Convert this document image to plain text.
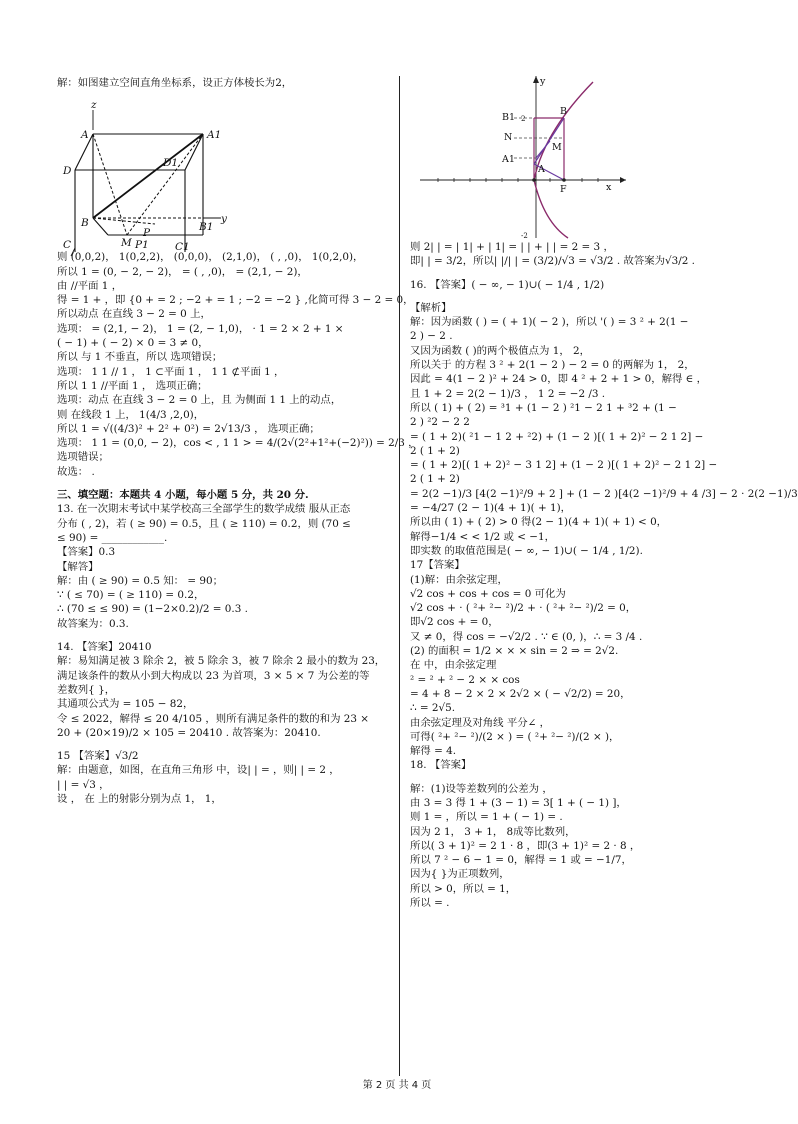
解：如图建立空间直角坐标系，设正方体棱长为2，
z
A	A1
D
D1
B	B1
y
C	M P1
P
C1
则 (0,0,2)， 1(0,2,2)， (0,0,0)， (2,1,0)， ( , ,0)， 1(0,2,0)，
所以 1 = (0, − 2, − 2)， = ( , ,0)， = (2,1, − 2)，
由 //平面 1 ，
得 = 1 + ，即 {0 + = 2 ; −2 + = 1 ; −2 = −2 } ,化简可得 3 − 2 = 0，
所以动点 在直线 3 − 2 = 0 上，
选项： = (2,1, − 2)， 1 = (2, − 1,0)， · 1 = 2 × 2 + 1 ×
( − 1) + ( − 2) × 0 = 3 ≠ 0，
所以 与 1 不垂直，所以 选项错误；
选项： 1 1 // 1 ， 1 ⊂平面 1 ， 1 1 ⊄平面 1 ，
所以 1 1 //平面 1 ， 选项正确；
选项：动点 在直线 3 − 2 = 0 上，且 为侧面 1 1 上的动点，
则 在线段 1 上， 1(4/3 ,2,0)，
所以 1 = √((4/3)² + 2² + 0²) = 2√13/3 ， 选项正确；
选项： 1 1 = (0,0, − 2)，cos < , 1 1 > = 4/(2√(2²+1²+(−2)²)) = 2/3 ，
选项错误；
故选： .
三、填空题：本题共 4 小题，每小题 5 分，共 20 分.
13. 在一次期末考试中某学校高三全部学生的数学成绩 服从正态
分布 ( , 2)，若 ( ≥ 90) = 0.5，且 ( ≥ 110) = 0.2，则 (70 ≤
≤ 90) = ____________.
【答案】0.3
【解答】
解：由 ( ≥ 90) = 0.5 知： = 90；
∵ ( ≤ 70) = ( ≥ 110) = 0.2，
∴ (70 ≤ ≤ 90) = (1−2×0.2)/2 = 0.3 .
故答案为：0.3.
14. 【答案】20410
解：易知满足被 3 除余 2，被 5 除余 3，被 7 除余 2 最小的数为 23，
满足该条件的数从小到大构成以 23 为首项，3 × 5 × 7 为公差的等
差数列{ }，
其通项公式为 = 105 − 82，
令 ≤ 2022，解得 ≤ 20 4/105 ，则所有满足条件的数的和为 23 ×
20 + (20×19)/2 × 105 = 20410 . 故答案为：20410.
15 【答案】√3/2
解：由题意，如图，在直角三角形 中，设| | = ，则| | = 2 ，
| | = √3 ，
设 ， 在 上的射影分别为点 1， 1，
y
B1
B
N
M
A1
A
F	x
2
-2
则 2| | = | 1| + | 1| = | | + | | = 2 = 3 ，
即| | = 3/2，所以| |/| | = (3/2)/√3 = √3/2 . 故答案为√3/2 .
16. 【答案】( − ∞, − 1)∪( − 1/4 , 1/2)
【解析】
解：因为函数 ( ) = ( + 1)( − 2 )，所以 '( ) = 3 ² + 2(1 −
2 ) − 2 .
又因为函数 ( )的两个极值点为 1， 2，
所以关于 的方程 3 ² + 2(1 − 2 ) − 2 = 0 的两解为 1， 2，
因此 = 4(1 − 2 )² + 24 > 0，即 4 ² + 2 + 1 > 0，解得 ∈ ，
且 1 + 2 = 2(2 − 1)/3 ， 1 2 = −2 /3 .
所以 ( 1) + ( 2) = ³1 + (1 − 2 ) ²1 − 2 1 + ³2 + (1 −
2 ) ²2 − 2 2
= ( 1 + 2)( ²1 − 1 2 + ²2) + (1 − 2 )[( 1 + 2)² − 2 1 2] −
2 ( 1 + 2)
= ( 1 + 2)[( 1 + 2)² − 3 1 2] + (1 − 2 )[( 1 + 2)² − 2 1 2] −
2 ( 1 + 2)
= 2(2 −1)/3 [4(2 −1)²/9 + 2 ] + (1 − 2 )[4(2 −1)²/9 + 4 /3] − 2 · 2(2 −1)/3
= −4/27 (2 − 1)(4 + 1)( + 1)，
所以由 ( 1) + ( 2) > 0 得(2 − 1)(4 + 1)( + 1) < 0，
解得−1/4 < < 1/2 或 < −1，
即实数 的取值范围是( − ∞, − 1)∪( − 1/4 , 1/2).
17【答案】
(1)解：由余弦定理，
√2 cos + cos + cos = 0 可化为
√2 cos + · ( ²+ ²− ²)/2 + · ( ²+ ²− ²)/2 = 0，
即√2 cos + = 0，
又 ≠ 0，得 cos = −√2/2 . ∵ ∈ (0, )，∴ = 3 /4 .
(2) 的面积 = 1/2 × × × sin = 2 ⇒ = 2√2.
在 中，由余弦定理
² = ² + ² − 2 × × cos
= 4 + 8 − 2 × 2 × 2√2 × ( − √2/2) = 20，
∴ = 2√5.
由余弦定理及对角线 平分∠ ，
可得( ²+ ²− ²)/(2 × ) = ( ²+ ²− ²)/(2 × )，
解得 = 4.
18. 【答案】
解：(1)设等差数列的公差为 ，
由 3 = 3 得 1 + (3 − 1) = 3[ 1 + ( − 1) ]，
则 1 = ，所以 = 1 + ( − 1) = .
因为 2 1， 3 + 1， 8成等比数列，
所以( 3 + 1)² = 2 1 · 8 ，即(3 + 1)² = 2 · 8 ，
所以 7 ² − 6 − 1 = 0，解得 = 1 或 = −1/7，
因为{ }为正项数列，
所以 > 0，所以 = 1，
所以 = .
第 2 页 共 4 页
